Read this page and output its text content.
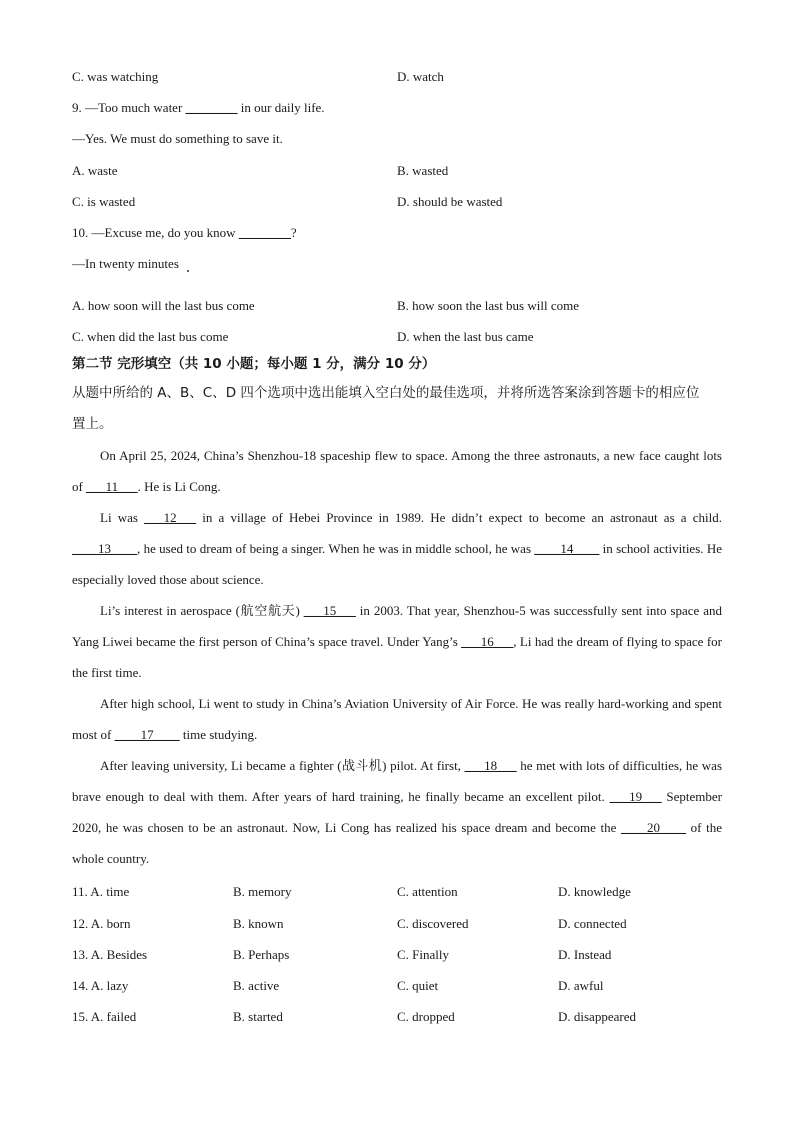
C. was watching	D. watch
9. —Too much water ________ in our daily life.
—Yes. We must do something to save it.
A. waste	B. wasted
C. is wasted	D. should be wasted
10. —Excuse me, do you know ________?
—In twenty minutes
A. how soon will the last bus come	B. how soon the last bus will come
C. when did the last bus come	D. when the last bus came
第二节 完形填空（共 10 小题；每小题 1 分，满分 10 分）
从题中所给的 A、B、C、D 四个选项中选出能填入空白处的最佳选项，并将所选答案涂到答题卡的相应位
置上。

On April 25, 2024, China’s Shenzhou-18 spaceship flew to space. Among the three astronauts, a new face caught lots of ___11___. He is Li Cong.

Li was ___12___ in a village of Hebei Province in 1989. He didn’t expect to become an astronaut as a child. ____13____, he used to dream of being a singer. When he was in middle school, he was ____14____ in school activities. He especially loved those about science.

Li’s interest in aerospace (航空航天) ___15___ in 2003. That year, Shenzhou-5 was successfully sent into space and Yang Liwei became the first person of China’s space travel. Under Yang’s ___16___, Li had the dream of flying to space for the first time.

After high school, Li went to study in China’s Aviation University of Air Force. He was really hard-working and spent most of ____17____ time studying.

After leaving university, Li became a fighter (战斗机) pilot. At first, ___18___ he met with lots of difficulties, he was brave enough to deal with them. After years of hard training, he finally became an excellent pilot. ___19___ September 2020, he was chosen to be an astronaut. Now, Li Cong has realized his space dream and become the ____20____ of the whole country.

11. A. time	B. memory	C. attention	D. knowledge
12. A. born	B. known	C. discovered	D. connected
13. A. Besides	B. Perhaps	C. Finally	D. Instead
14. A. lazy	B. active	C. quiet	D. awful
15. A. failed	B. started	C. dropped	D. disappeared
